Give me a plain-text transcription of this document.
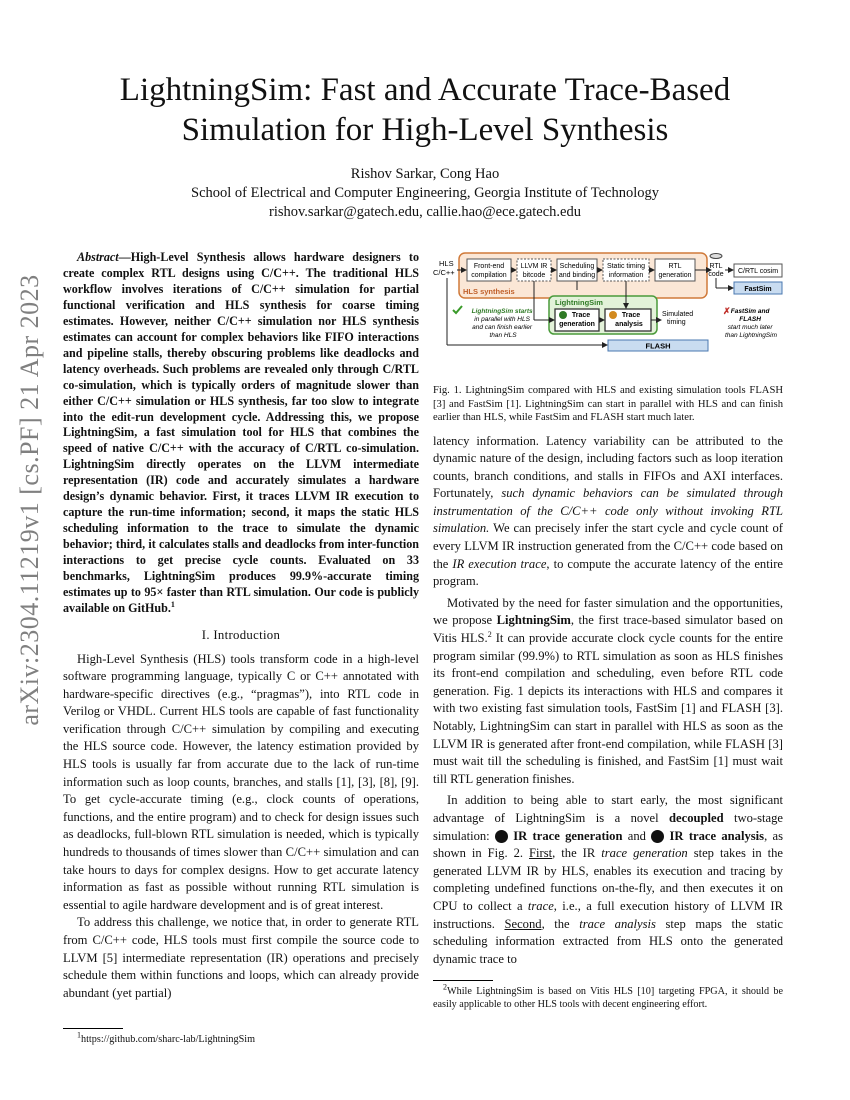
arXiv:2304.11219v1 [cs.PF] 21 Apr 2023
LightningSim: Fast and Accurate Trace-Based
Simulation for High-Level Synthesis
Rishov Sarkar, Cong Hao
School of Electrical and Computer Engineering, Georgia Institute of Technology
rishov.sarkar@gatech.edu, callie.hao@ece.gatech.edu

Abstract—High-Level Synthesis allows hardware designers to create complex RTL designs using C/C++. The traditional HLS workflow involves iterations of C/C++ simulation for partial functional verification and HLS synthesis for coarse timing estimates. However, neither C/C++ simulation nor HLS synthesis estimates can account for complex behaviors like FIFO interactions and pipeline stalls, thereby obscuring problems like deadlocks and latency overheads. Such problems are revealed only through C/RTL co-simulation, which is typically orders of magnitude slower than either C/C++ simulation or HLS synthesis, far too slow to integrate into the edit-run development cycle. Addressing this, we propose LightningSim, a fast simulation tool for HLS that combines the speed of native C/C++ with the accuracy of C/RTL co-simulation. LightningSim directly operates on the LLVM intermediate representation (IR) code and accurately simulates a hardware design’s dynamic behavior. First, it traces LLVM IR execution to capture the run-time information; second, it maps the static HLS scheduling information to the trace to simulate the dynamic behavior; third, it calculates stalls and deadlocks from inter-function interactions to get precise cycle counts. Evaluated on 33 benchmarks, LightningSim produces 99.9%-accurate timing estimates up to 95× faster than RTL simulation. Our code is publicly available on GitHub.$^1$

I. Introduction

High-Level Synthesis (HLS) tools transform code in a high-level software programming language, typically C or C++ annotated with hardware-specific directives (e.g., “pragmas”), into RTL code in Verilog or VHDL. Current HLS tools are capable of fast functionality verification through C/C++ simulation by compiling and executing the HLS source code. However, the latency estimation provided by HLS tools is usually far from accurate due to the lack of run-time information such as loop counts, branches, and stalls [1], [3], [8], [9]. To get cycle-accurate timing (e.g., clock counts of operations, functions, and the entire program) and to check for design issues such as deadlocks, full-blown RTL simulation is needed, which is typically hundreds to thousands of times slower than C/C++ simulation and can take hours to days for complex designs. How to get accurate latency information as fast as possible without running RTL simulation is essential to agile hardware development and is of great interest.

To address this challenge, we notice that, in order to generate RTL from C/C++ code, HLS tools must first compile the source code to LLVM [5] intermediate representation (IR) operations and precisely schedule them within functions and loops, which can already provide abundant (yet partial)

$^1$https://github.com/sharc-lab/LightningSim
HLS C/C++
Front-end compilation
LLVM IR bitcode
Scheduling and binding
Static timing information
RTL generation
HLS synthesis
RTL code C/RTL cosim
FastSim
LightningSim
Trace generation
Trace analysis
Simulated timing
FLASH
LightningSim starts in parallel with HLS and can finish earlier than HLS
✗ FastSim and FLASH start much later than LightningSim

Fig. 1. LightningSim compared with HLS and existing simulation tools FLASH [3] and FastSim [1]. LightningSim can start in parallel with HLS and can finish earlier than HLS, while FastSim and FLASH start much later.

latency information. Latency variability can be attributed to the dynamic nature of the design, including factors such as loop iteration counts, branch conditions, and stalls in FIFOs and AXI interfaces. Fortunately, such dynamic behaviors can be simulated through instrumentation of the C/C++ code only without invoking RTL simulation. We can precisely infer the start cycle and cycle count of every LLVM IR instruction generated from the C/C++ code based on the IR execution trace, to compute the accurate latency of the entire program.

Motivated by the need for faster simulation and the opportunities, we propose LightningSim, the first trace-based simulator based on Vitis HLS.$^2$ It can provide accurate clock cycle counts for the entire program similar (99.9%) to RTL simulation as soon as HLS finishes its front-end compilation and scheduling, even before RTL code generation. Fig. 1 depicts its interactions with HLS and compares it with two existing fast simulation tools, FastSim [1] and FLASH [3]. Notably, LightningSim can start in parallel with HLS as soon as the LLVM IR is generated after front-end compilation, while FLASH [3] must wait till the scheduling is finished, and FastSim [1] must wait till RTL generation finishes.

In addition to being able to start early, the most significant advantage of LightningSim is a novel decoupled two-stage simulation: 1 IR trace generation and 2 IR trace analysis, as shown in Fig. 2. First, the IR trace generation step takes in the generated LLVM IR by HLS, enables its execution and tracing by completing undefined functions on-the-fly, and then executes it on CPU to collect a trace, i.e., a full execution history of LLVM IR instructions. Second, the trace analysis step maps the static scheduling information extracted from HLS onto the generated dynamic trace to

$^2$While LightningSim is based on Vitis HLS [10] targeting FPGA, it should be easily applicable to other HLS tools with decent engineering effort.
